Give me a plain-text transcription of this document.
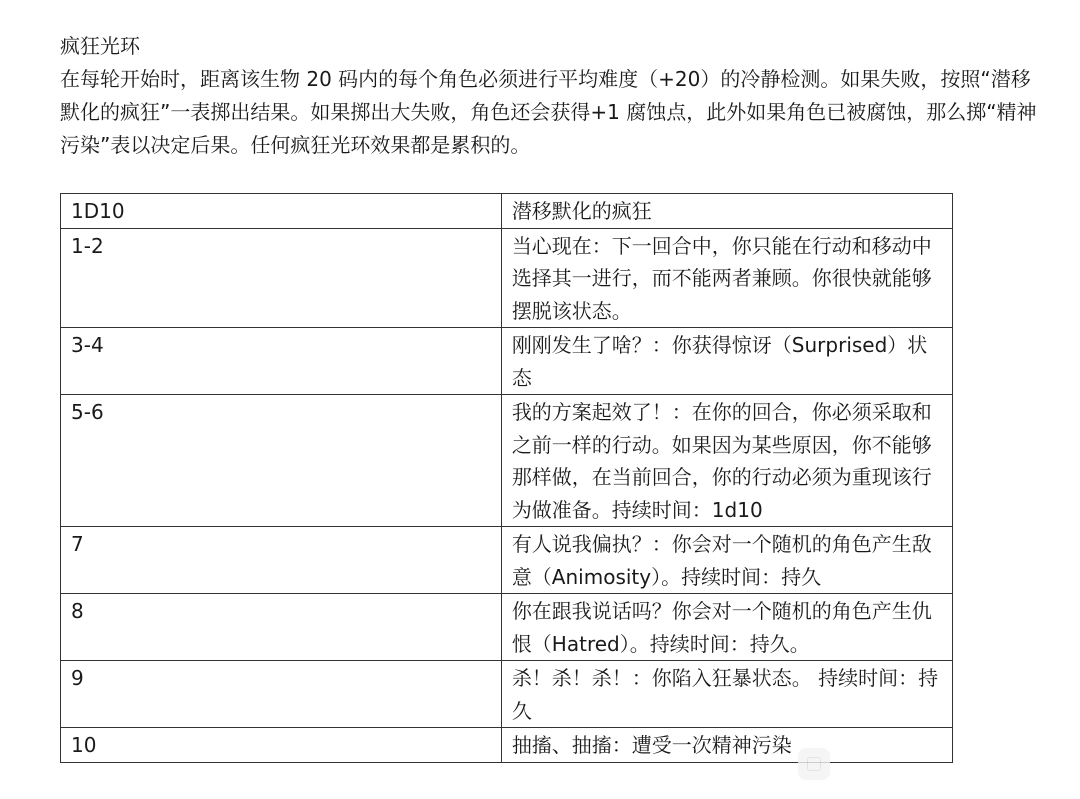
疯狂光环

在每轮开始时，距离该生物 20 码内的每个角色必须进行平均难度（+20）的冷静检测。如果失败，按照“潜移默化的疯狂”一表掷出结果。如果掷出大失败，角色还会获得+1 腐蚀点，此外如果角色已被腐蚀，那么掷“精神污染”表以决定后果。任何疯狂光环效果都是累积的。

1D10	潜移默化的疯狂
1-2	当心现在：下一回合中，你只能在行动和移动中选择其一进行，而不能两者兼顾。你很快就能够摆脱该状态。
3-4	刚刚发生了啥？：你获得惊讶（Surprised）状态
5-6	我的方案起效了！：在你的回合，你必须采取和之前一样的行动。如果因为某些原因，你不能够那样做，在当前回合，你的行动必须为重现该行为做准备。持续时间：1d10
7	有人说我偏执？：你会对一个随机的角色产生敌意（Animosity）。持续时间：持久
8	你在跟我说话吗？你会对一个随机的角色产生仇恨（Hatred）。持续时间：持久。
9	杀！杀！杀！：你陷入狂暴状态。 持续时间：持久
10	抽搐、抽搐：遭受一次精神污染
